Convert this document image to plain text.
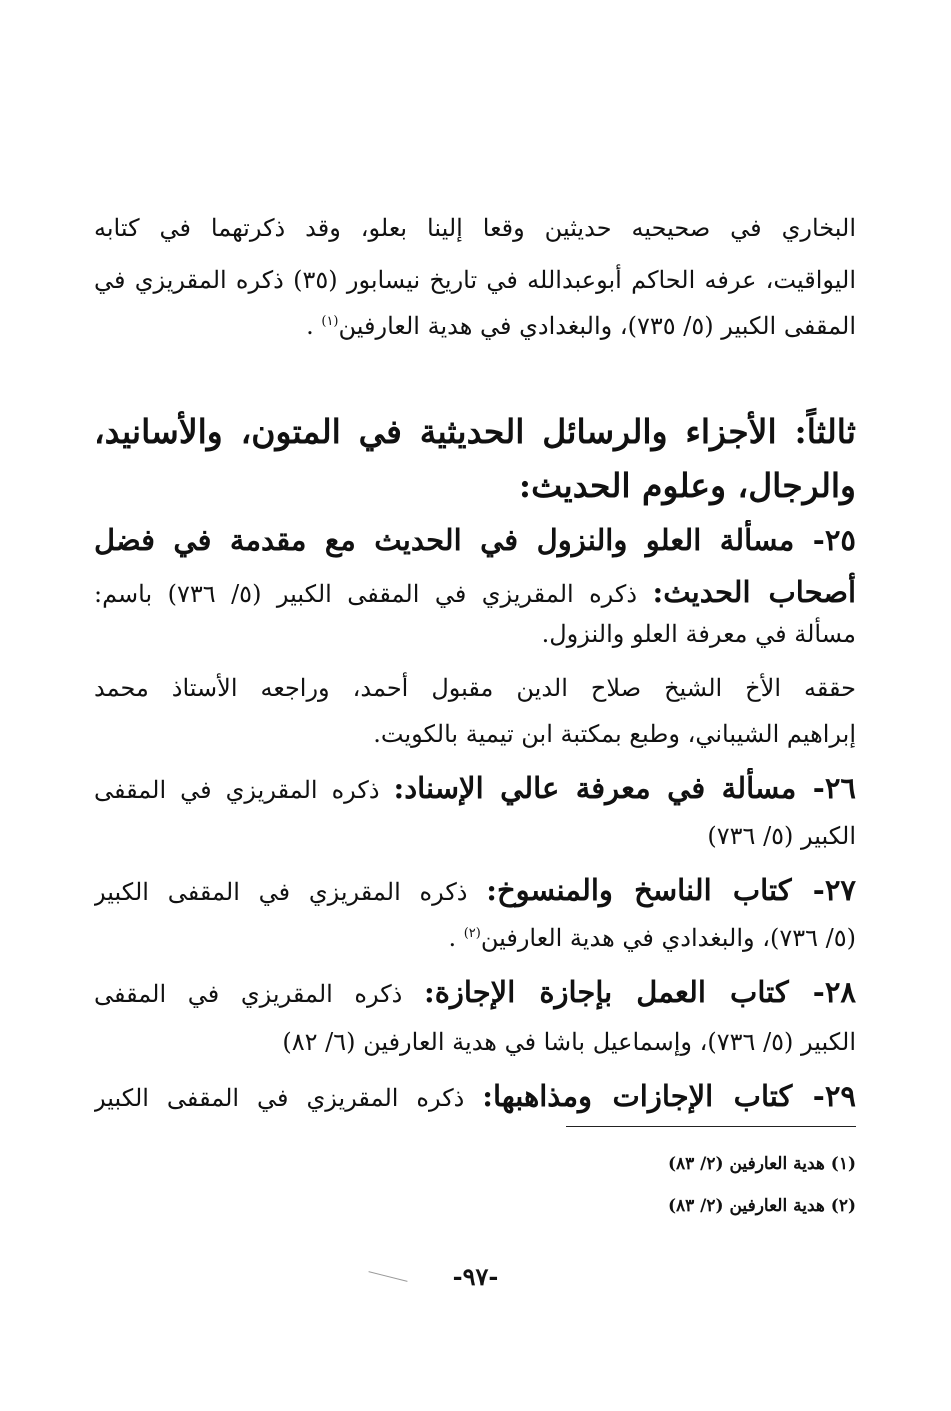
البخاري في صحيحيه حديثين وقعا إلينا بعلو، وقد ذكرتهما في كتابه
اليواقيت، عرفه الحاكم أبوعبدالله في تاريخ نيسابور (٣٥) ذكره المقريزي في
المقفى الكبير (٥/ ٧٣٥)، والبغدادي في هدية العارفين$^{(١)}$ .
ثالثاً: الأجزاء والرسائل الحديثية في المتون، والأسانيد،
والرجال، وعلوم الحديث:
٢٥- مسألة العلو والنزول في الحديث مع مقدمة في فضل
أصحاب الحديث: ذكره المقريزي في المقفى الكبير (٥/ ٧٣٦) باسم:
مسألة في معرفة العلو والنزول.
حققه الأخ الشيخ صلاح الدين مقبول أحمد، وراجعه الأستاذ محمد
إبراهيم الشيباني، وطبع بمكتبة ابن تيمية بالكويت.
٢٦- مسألة في معرفة عالي الإسناد: ذكره المقريزي في المقفى
الكبير (٥/ ٧٣٦)
٢٧- كتاب الناسخ والمنسوخ: ذكره المقريزي في المقفى الكبير
(٥/ ٧٣٦)، والبغدادي في هدية العارفين$^{(٢)}$ .
٢٨- كتاب العمل بإجازة الإجازة: ذكره المقريزي في المقفى
الكبير (٥/ ٧٣٦)، وإسماعيل باشا في هدية العارفين (٦/ ٨٢)
٢٩- كتاب الإجازات ومذاهبها: ذكره المقريزي في المقفى الكبير
(١) هدية العارفين (٢/ ٨٣)
(٢) هدية العارفين (٢/ ٨٣)
-٩٧-
